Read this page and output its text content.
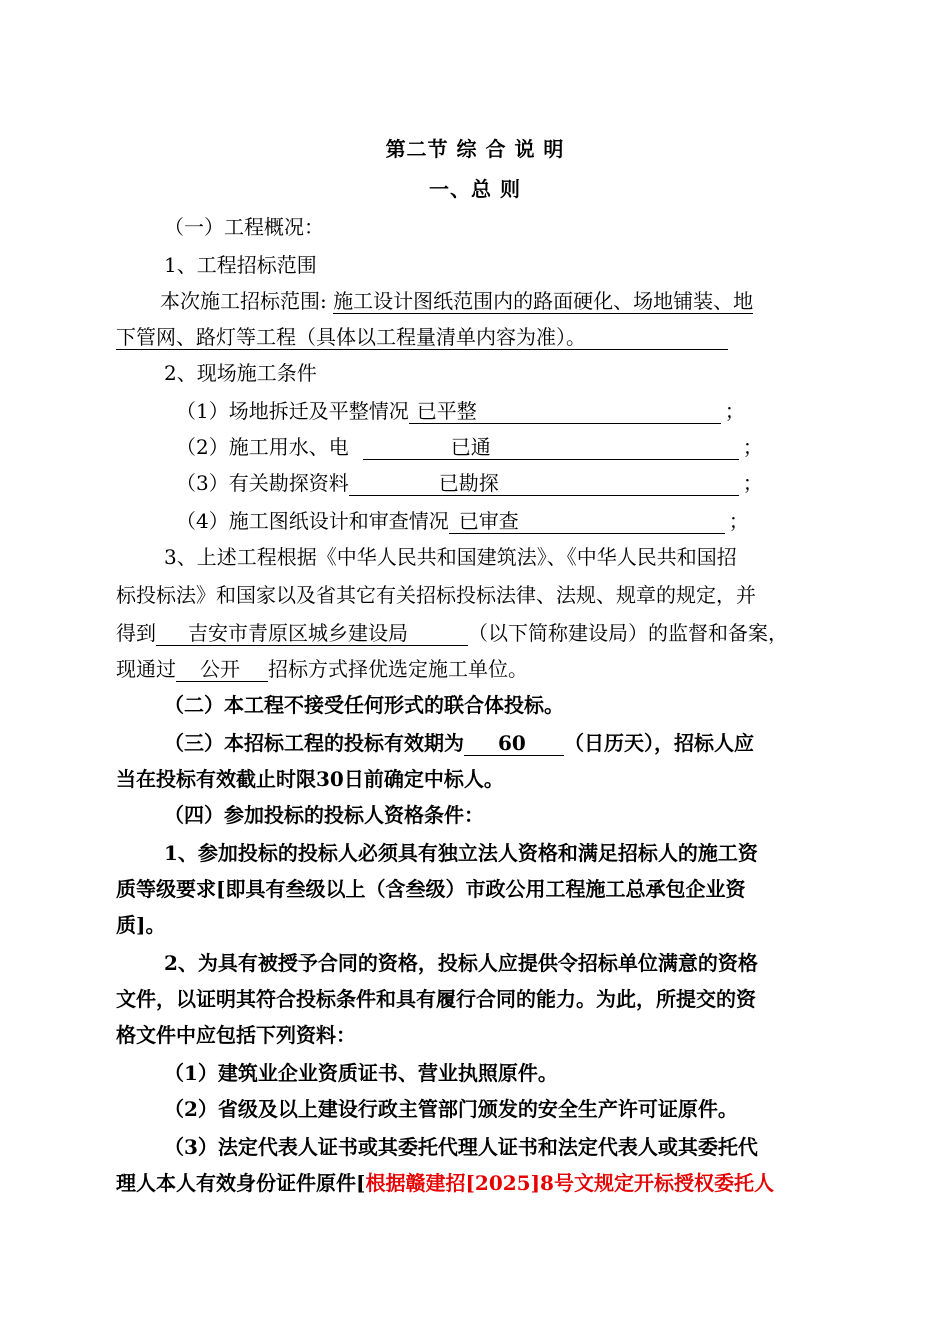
第二节 综 合 说 明
一、总 则
（一）工程概况：
1、工程招标范围
本次施工招标范围: 施工设计图纸范围内的路面硬化、场地铺装、地
下管网、路灯等工程（具体以工程量清单内容为准）。
2、现场施工条件
（1）场地拆迁及平整情况 已平整	；
（2）施工用水、电	已通	；
（3）有关勘探资料	已勘探	；
（4）施工图纸设计和审查情况 已审查	；
3、上述工程根据《中华人民共和国建筑法》、《中华人民共和国招
标投标法》和国家以及省其它有关招标投标法律、法规、规章的规定，并
得到 吉安市青原区城乡建设局	（以下简称建设局）的监督和备案，
现通过 公开 招标方式择优选定施工单位。
（二）本工程不接受任何形式的联合体投标。
（三）本招标工程的投标有效期为 60 （日历天），招标人应
当在投标有效截止时限30日前确定中标人。
（四）参加投标的投标人资格条件：
1、参加投标的投标人必须具有独立法人资格和满足招标人的施工资
质等级要求[即具有叁级以上（含叁级）市政公用工程施工总承包企业资
质]。
2、为具有被授予合同的资格，投标人应提供令招标单位满意的资格
文件，以证明其符合投标条件和具有履行合同的能力。为此，所提交的资
格文件中应包括下列资料：
（1）建筑业企业资质证书、营业执照原件。
（2）省级及以上建设行政主管部门颁发的安全生产许可证原件。
（3）法定代表人证书或其委托代理人证书和法定代表人或其委托代
理人本人有效身份证件原件[根据赣建招[2025]8号文规定开标授权委托人
